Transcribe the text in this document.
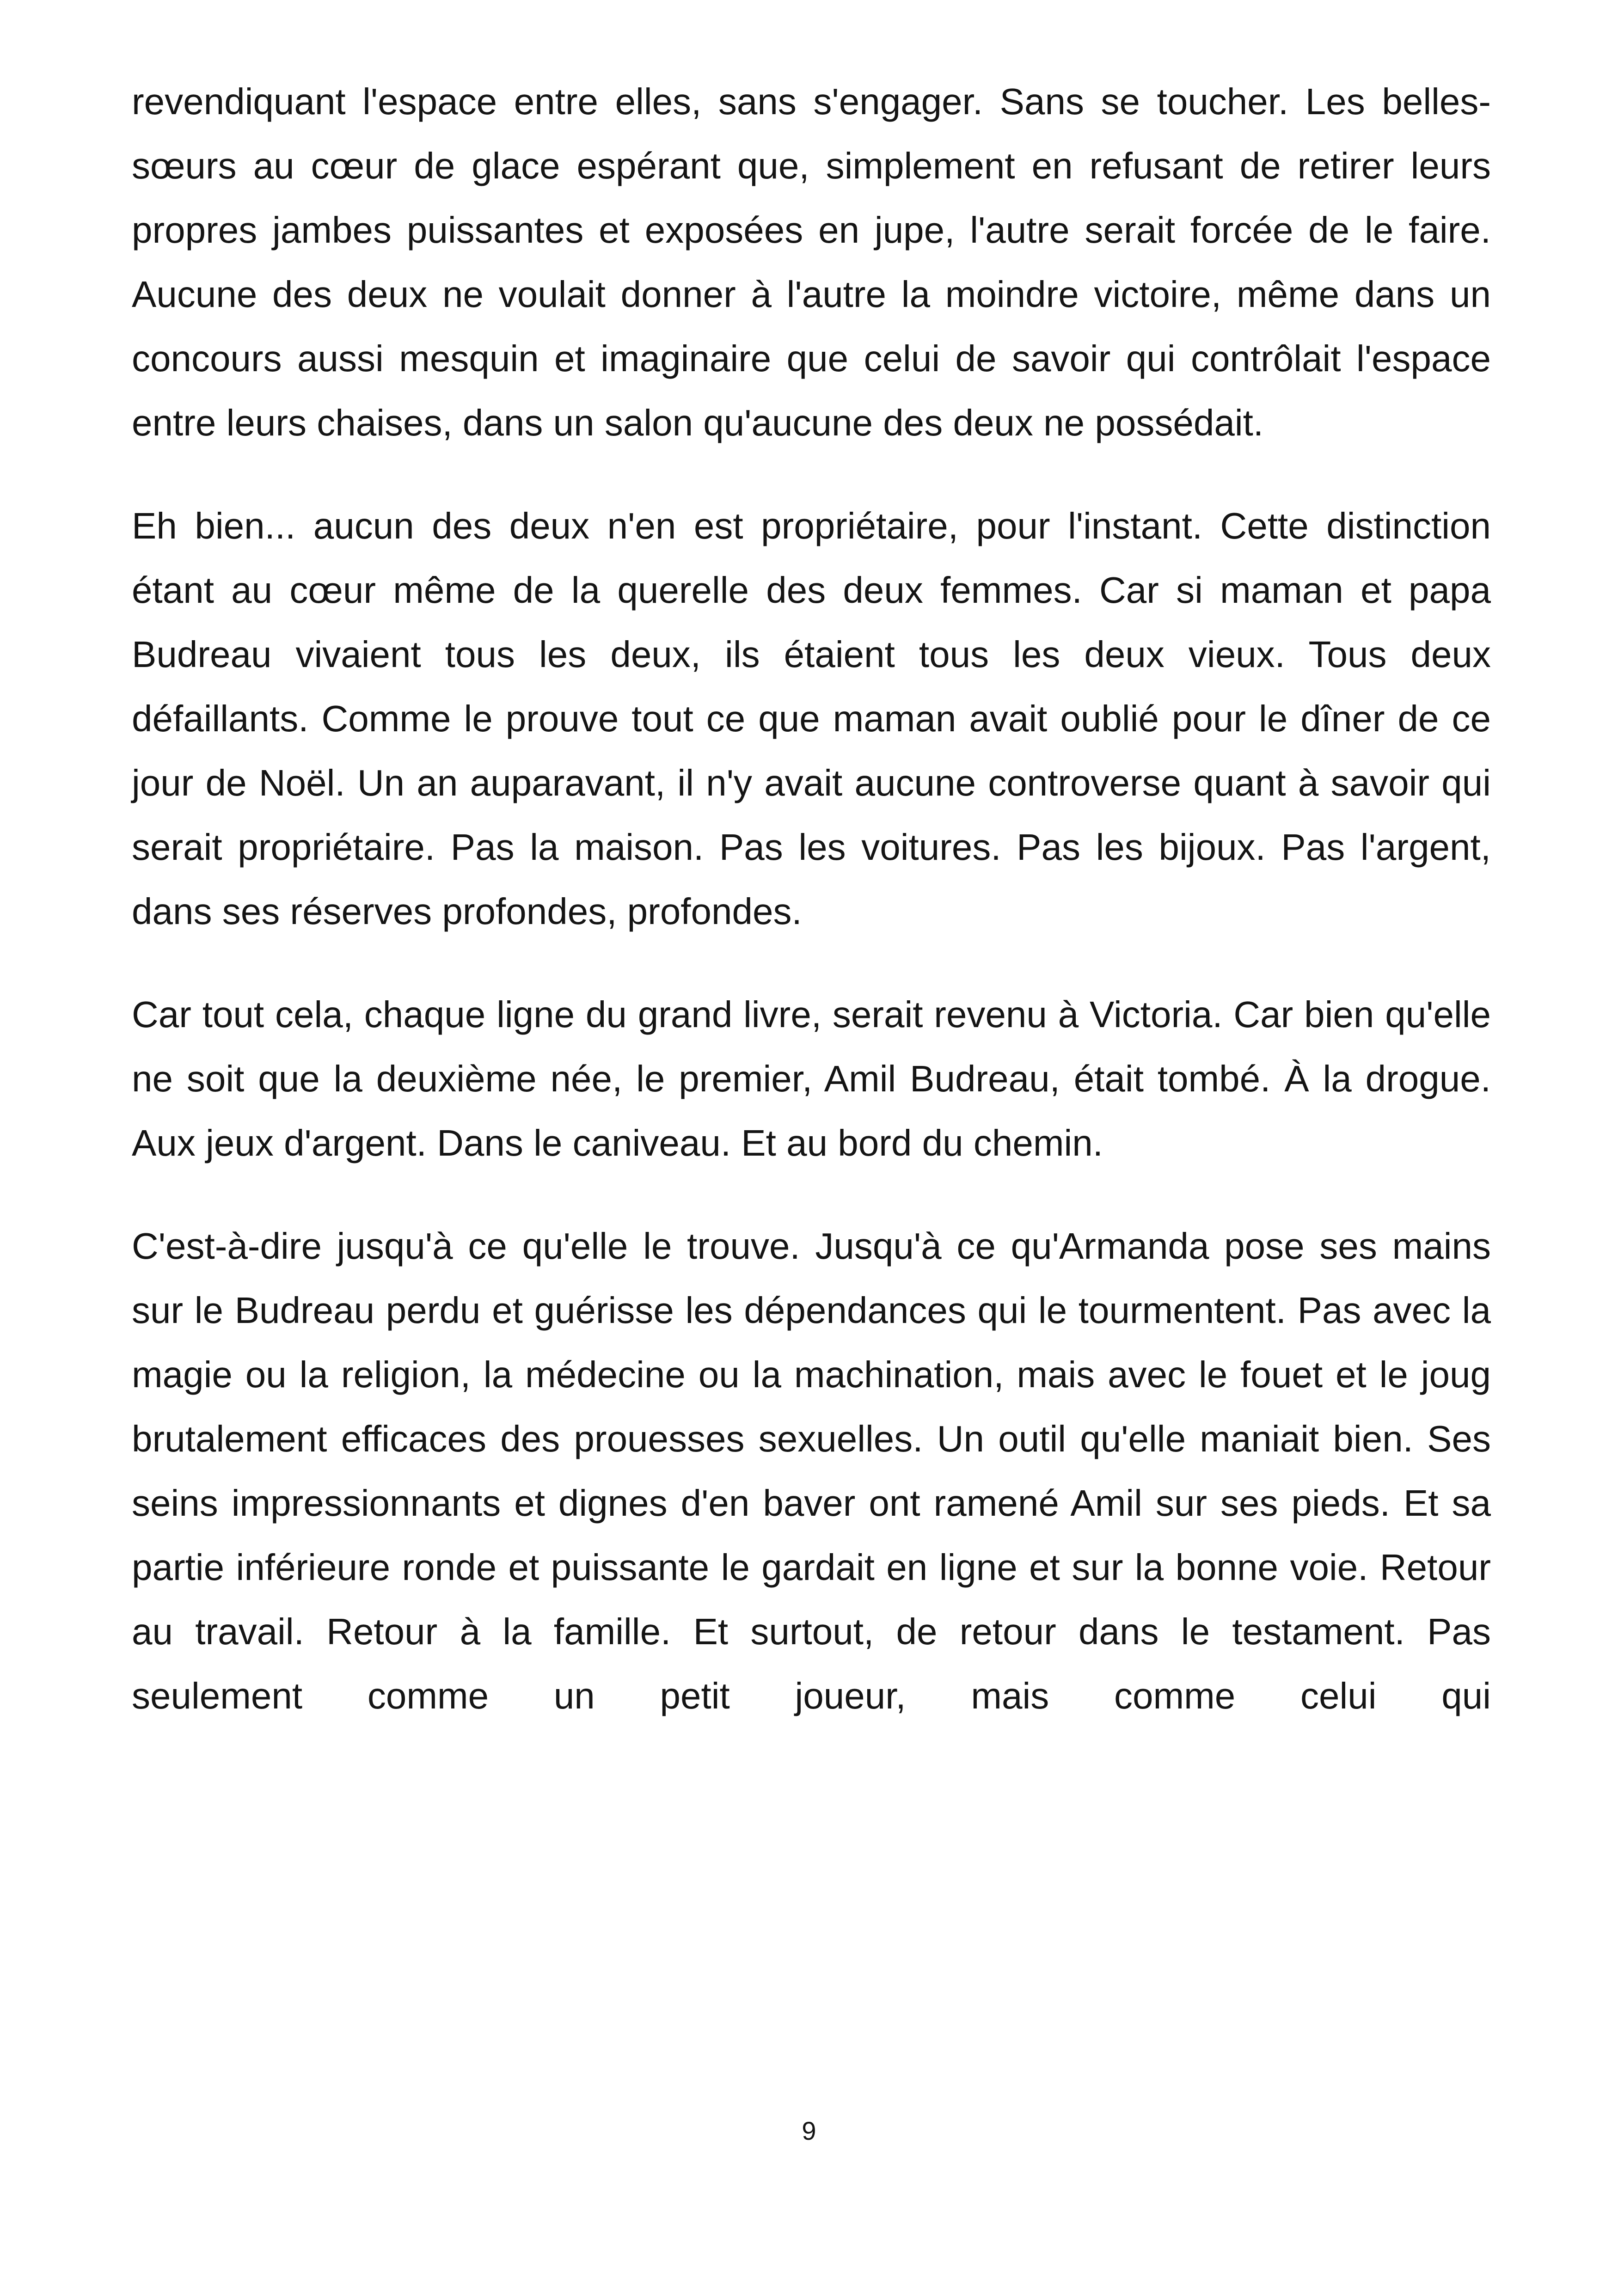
revendiquant l'espace entre elles, sans s'engager. Sans se toucher. Les belles-sœurs au cœur de glace espérant que, simplement en refusant de retirer leurs propres jambes puissantes et exposées en jupe, l'autre serait forcée de le faire. Aucune des deux ne voulait donner à l'autre la moindre victoire, même dans un concours aussi mesquin et imaginaire que celui de savoir qui contrôlait l'espace entre leurs chaises, dans un salon qu'aucune des deux ne possédait.

Eh bien... aucun des deux n'en est propriétaire, pour l'instant. Cette distinction étant au cœur même de la querelle des deux femmes. Car si maman et papa Budreau vivaient tous les deux, ils étaient tous les deux vieux. Tous deux défaillants. Comme le prouve tout ce que maman avait oublié pour le dîner de ce jour de Noël. Un an auparavant, il n'y avait aucune controverse quant à savoir qui serait propriétaire. Pas la maison. Pas les voitures. Pas les bijoux. Pas l'argent, dans ses réserves profondes, profondes.

Car tout cela, chaque ligne du grand livre, serait revenu à Victoria. Car bien qu'elle ne soit que la deuxième née, le premier, Amil Budreau, était tombé. À la drogue. Aux jeux d'argent. Dans le caniveau. Et au bord du chemin.

C'est-à-dire jusqu'à ce qu'elle le trouve. Jusqu'à ce qu'Armanda pose ses mains sur le Budreau perdu et guérisse les dépendances qui le tourmentent. Pas avec la magie ou la religion, la médecine ou la machination, mais avec le fouet et le joug brutalement efficaces des prouesses sexuelles. Un outil qu'elle maniait bien. Ses seins impressionnants et dignes d'en baver ont ramené Amil sur ses pieds. Et sa partie inférieure ronde et puissante le gardait en ligne et sur la bonne voie. Retour au travail. Retour à la famille. Et surtout, de retour dans le testament. Pas seulement comme un petit joueur, mais comme celui qui

9
